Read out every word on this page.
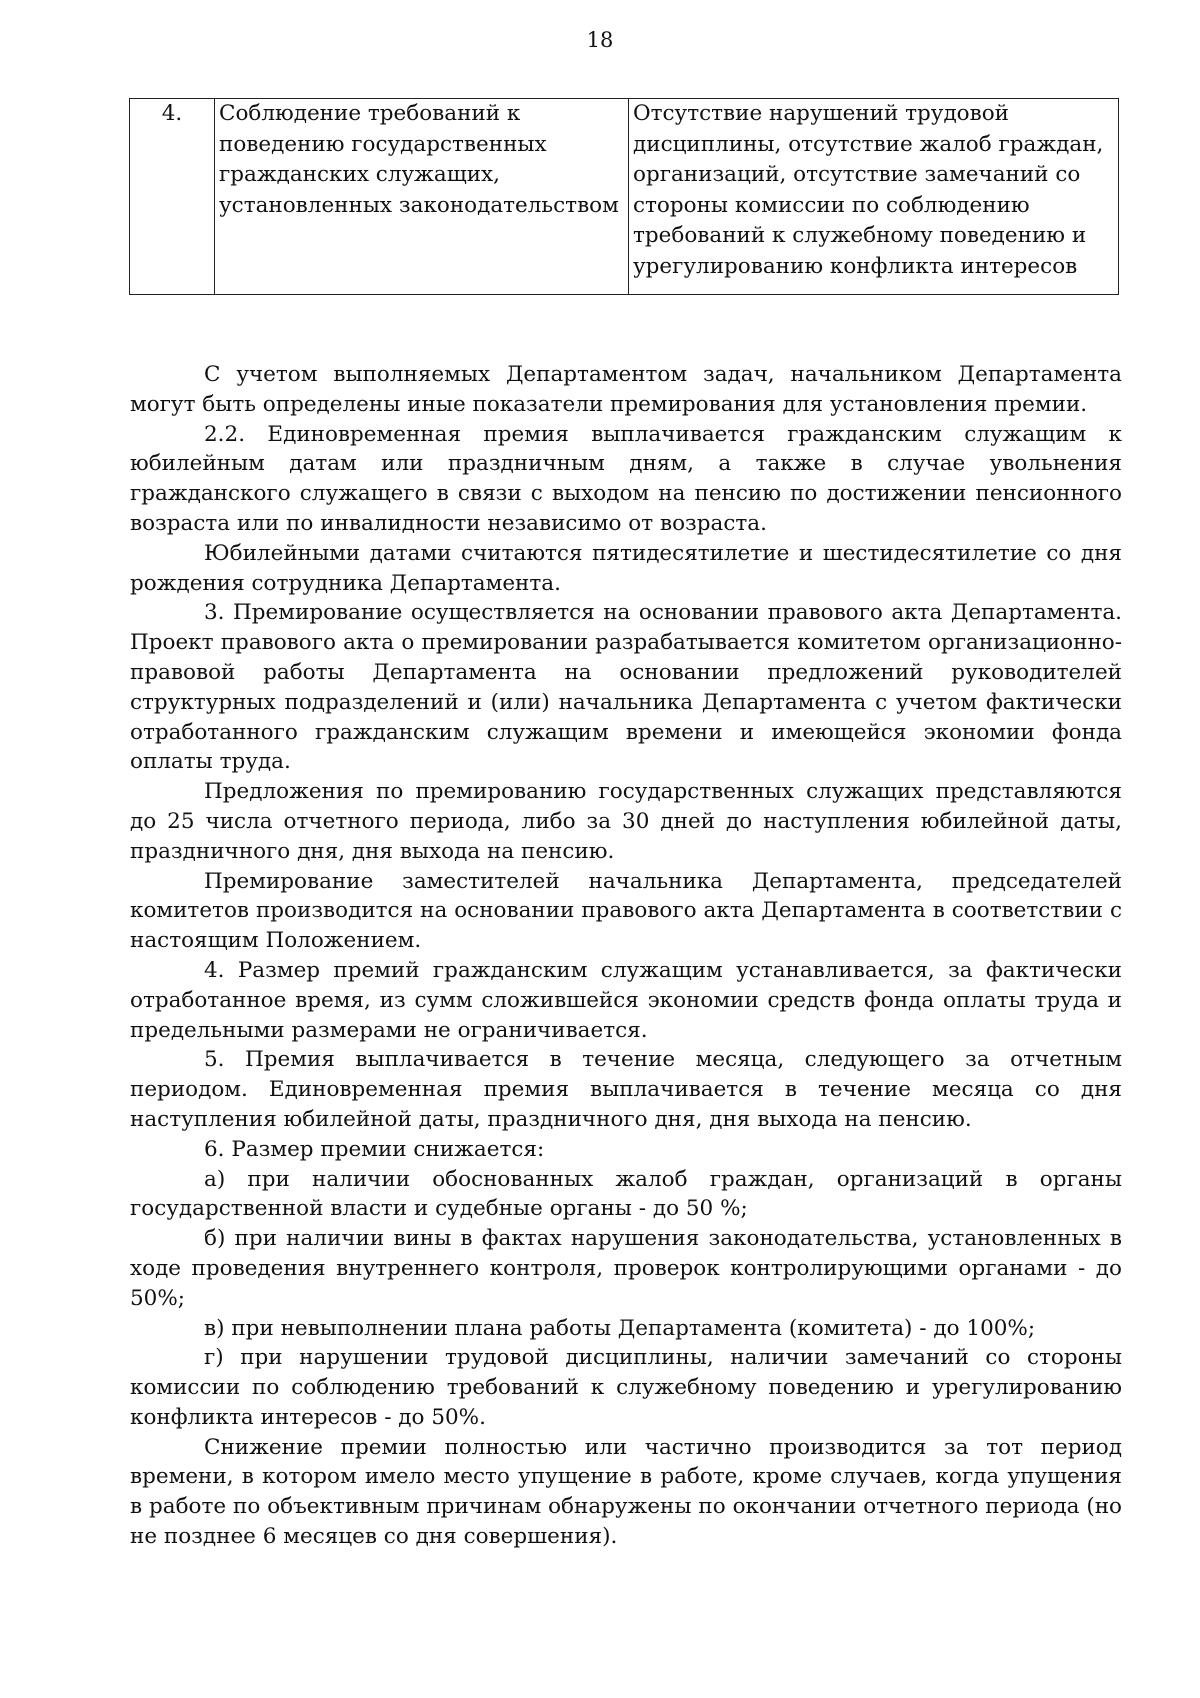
18
4.	Соблюдение требований к поведению государственных гражданских служащих, установленных законодательством	Отсутствие нарушений трудовой дисциплины, отсутствие жалоб граждан, организаций, отсутствие замечаний со стороны комиссии по соблюдению требований к служебному поведению и урегулированию конфликта интересов

С учетом выполняемых Департаментом задач, начальником Департамента могут быть определены иные показатели премирования для установления премии.

2.2. Единовременная премия выплачивается гражданским служащим к юбилейным датам или праздничным дням, а также в случае увольнения гражданского служащего в связи с выходом на пенсию по достижении пенсионного возраста или по инвалидности независимо от возраста.

Юбилейными датами считаются пятидесятилетие и шестидесятилетие со дня рождения сотрудника Департамента.

3. Премирование осуществляется на основании правового акта Департамента. Проект правового акта о премировании разрабатывается комитетом организационно-правовой работы Департамента на основании предложений руководителей структурных подразделений и (или) начальника Департамента с учетом фактически отработанного гражданским служащим времени и имеющейся экономии фонда оплаты труда.

Предложения по премированию государственных служащих представляются до 25 числа отчетного периода, либо за 30 дней до наступления юбилейной даты, праздничного дня, дня выхода на пенсию.

Премирование заместителей начальника Департамента, председателей комитетов производится на основании правового акта Департамента в соответствии с настоящим Положением.

4. Размер премий гражданским служащим устанавливается, за фактически отработанное время, из сумм сложившейся экономии средств фонда оплаты труда и предельными размерами не ограничивается.

5. Премия выплачивается в течение месяца, следующего за отчетным периодом. Единовременная премия выплачивается в течение месяца со дня наступления юбилейной даты, праздничного дня, дня выхода на пенсию.

6. Размер премии снижается:

а) при наличии обоснованных жалоб граждан, организаций в органы государственной власти и судебные органы - до 50 %;

б) при наличии вины в фактах нарушения законодательства, установленных в ходе проведения внутреннего контроля, проверок контролирующими органами - до 50%;

в) при невыполнении плана работы Департамента (комитета) - до 100%;

г) при нарушении трудовой дисциплины, наличии замечаний со стороны комиссии по соблюдению требований к служебному поведению и урегулированию конфликта интересов - до 50%.

Снижение премии полностью или частично производится за тот период времени, в котором имело место упущение в работе, кроме случаев, когда упущения в работе по объективным причинам обнаружены по окончании отчетного периода (но не позднее 6 месяцев со дня совершения).
